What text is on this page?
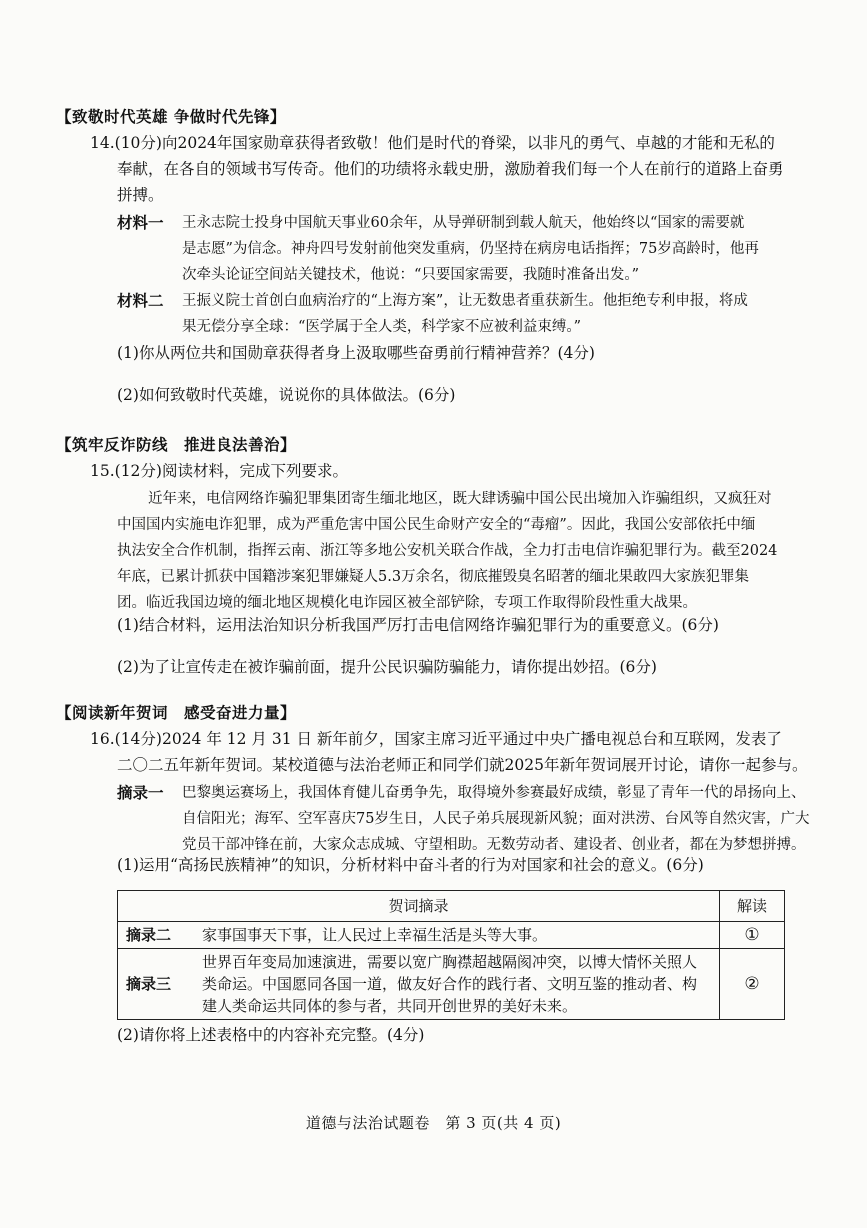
【致敬时代英雄 争做时代先锋】
14.(10分)向2024年国家勋章获得者致敬！他们是时代的脊梁，以非凡的勇气、卓越的才能和无私的
奉献，在各自的领域书写传奇。他们的功绩将永载史册，激励着我们每一个人在前行的道路上奋勇
拼搏。
材料一 王永志院士投身中国航天事业60余年，从导弹研制到载人航天，他始终以“国家的需要就
是志愿”为信念。神舟四号发射前他突发重病，仍坚持在病房电话指挥；75岁高龄时，他再
次牵头论证空间站关键技术，他说：“只要国家需要，我随时准备出发。”
材料二 王振义院士首创白血病治疗的“上海方案”，让无数患者重获新生。他拒绝专利申报，将成
果无偿分享全球：“医学属于全人类，科学家不应被利益束缚。”
(1)你从两位共和国勋章获得者身上汲取哪些奋勇前行精神营养？(4分)
(2)如何致敬时代英雄，说说你的具体做法。(6分)
【筑牢反诈防线　推进良法善治】
15.(12分)阅读材料，完成下列要求。
近年来，电信网络诈骗犯罪集团寄生缅北地区，既大肆诱骗中国公民出境加入诈骗组织，又疯狂对
中国国内实施电诈犯罪，成为严重危害中国公民生命财产安全的“毒瘤”。因此，我国公安部依托中缅
执法安全合作机制，指挥云南、浙江等多地公安机关联合作战，全力打击电信诈骗犯罪行为。截至2024
年底，已累计抓获中国籍涉案犯罪嫌疑人5.3万余名，彻底摧毁臭名昭著的缅北果敢四大家族犯罪集
团。临近我国边境的缅北地区规模化电诈园区被全部铲除，专项工作取得阶段性重大战果。
(1)结合材料，运用法治知识分析我国严厉打击电信网络诈骗犯罪行为的重要意义。(6分)
(2)为了让宣传走在被诈骗前面，提升公民识骗防骗能力，请你提出妙招。(6分)
【阅读新年贺词　感受奋进力量】
16.(14分)2024 年 12 月 31 日 新年前夕，国家主席习近平通过中央广播电视总台和互联网，发表了
二〇二五年新年贺词。某校道德与法治老师正和同学们就2025年新年贺词展开讨论，请你一起参与。
摘录一 巴黎奥运赛场上，我国体育健儿奋勇争先，取得境外参赛最好成绩，彰显了青年一代的昂扬向上、
自信阳光；海军、空军喜庆75岁生日，人民子弟兵展现新风貌；面对洪涝、台风等自然灾害，广大
党员干部冲锋在前，大家众志成城、守望相助。无数劳动者、建设者、创业者，都在为梦想拼搏。
(1)运用“高扬民族精神”的知识，分析材料中奋斗者的行为对国家和社会的意义。(6分)
贺词摘录		解读
摘录二	家事国事天下事，让人民过上幸福生活是头等大事。	①
摘录三	世界百年变局加速演进，需要以宽广胸襟超越隔阂冲突，以博大情怀关照人类命运。中国愿同各国一道，做友好合作的践行者、文明互鉴的推动者、构建人类命运共同体的参与者，共同开创世界的美好未来。	②
(2)请你将上述表格中的内容补充完整。(4分)
道德与法治试题卷　第 3 页(共 4 页)
